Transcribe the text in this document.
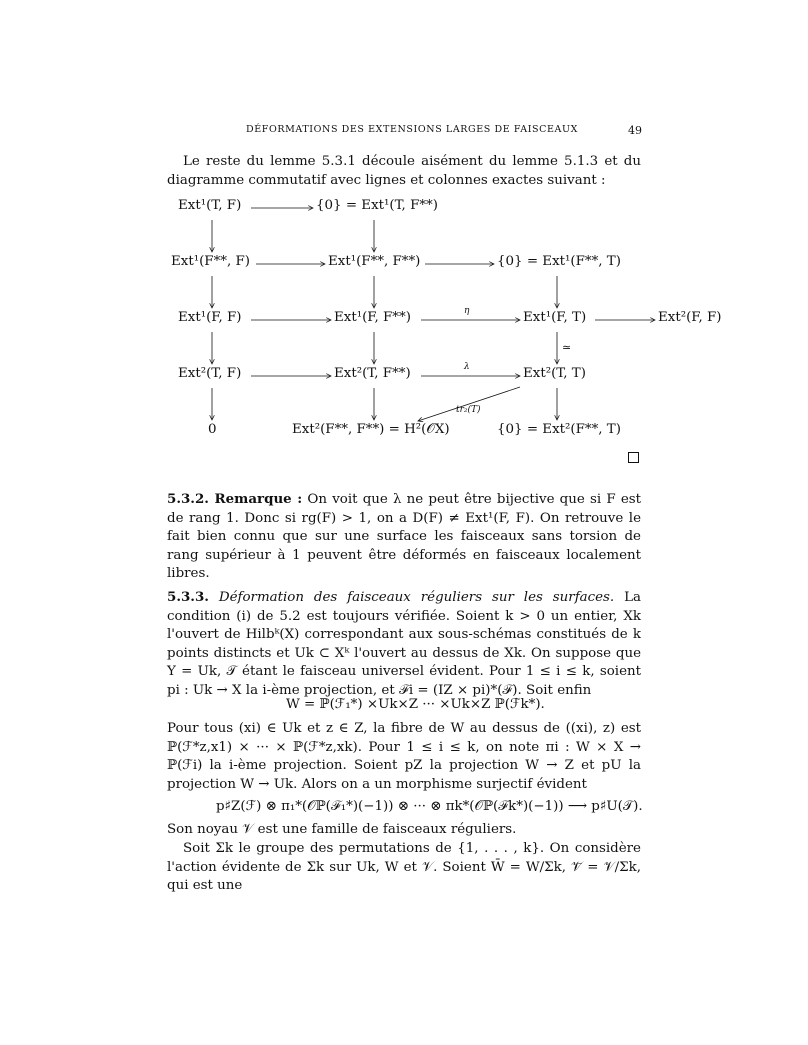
DÉFORMATIONS DES EXTENSIONS LARGES DE FAISCEAUX	49
Le reste du lemme 5.3.1 découle aisément du lemme 5.1.3 et du diagramme commutatif avec lignes et colonnes exactes suivant :
Ext¹(T, F)	{0} = Ext¹(T, F**)
Ext¹(F**, F)	Ext¹(F**, F**)	{0} = Ext¹(F**, T)
Ext¹(F, F)	Ext¹(F, F**)	Ext¹(F, T)	Ext²(F, F)
Ext²(T, F)	Ext²(T, F**)	Ext²(T, T)
0	Ext²(F**, F**) = H²(𝒪X)	{0} = Ext²(F**, T)
η
λ
≃
tr₂(T)
5.3.2. Remarque : On voit que λ ne peut être bijective que si F est de rang 1. Donc si rg(F) > 1, on a D(F) ≠ Ext¹(F, F). On retrouve le fait bien connu que sur une surface les faisceaux sans torsion de rang supérieur à 1 peuvent être déformés en faisceaux localement libres.
5.3.3. Déformation des faisceaux réguliers sur les surfaces. La condition (i) de 5.2 est toujours vérifiée. Soient k > 0 un entier, Xk l'ouvert de Hilbᵏ(X) correspondant aux sous-schémas constitués de k points distincts et Uk ⊂ Xᵏ l'ouvert au dessus de Xk. On suppose que Y = Uk, 𝒯 étant le faisceau universel évident. Pour 1 ≤ i ≤ k, soient pi : Uk → X la i-ème projection, et ℱi = (IZ × pi)*(ℱ). Soit enfin
W = ℙ(ℱ₁*) ×Uk×Z ··· ×Uk×Z ℙ(ℱk*).
Pour tous (xi) ∈ Uk et z ∈ Z, la fibre de W au dessus de ((xi), z) est ℙ(ℱ*z,x1) × ··· × ℙ(ℱ*z,xk). Pour 1 ≤ i ≤ k, on note πi : W × X → ℙ(ℱi) la i-ème projection. Soient pZ la projection W → Z et pU la projection W → Uk. Alors on a un morphisme surjectif évident
p♯Z(ℱ) ⊗ π₁*(𝒪ℙ(ℱ₁*)(−1)) ⊗ ··· ⊗ πk*(𝒪ℙ(ℱk*)(−1)) ⟶ p♯U(𝒯).
Son noyau 𝒱 est une famille de faisceaux réguliers.
Soit Σk le groupe des permutations de {1, . . . , k}. On considère l'action évidente de Σk sur Uk, W et 𝒱. Soient W̄ = W/Σk, 𝒱̄ = 𝒱/Σk, qui est une
